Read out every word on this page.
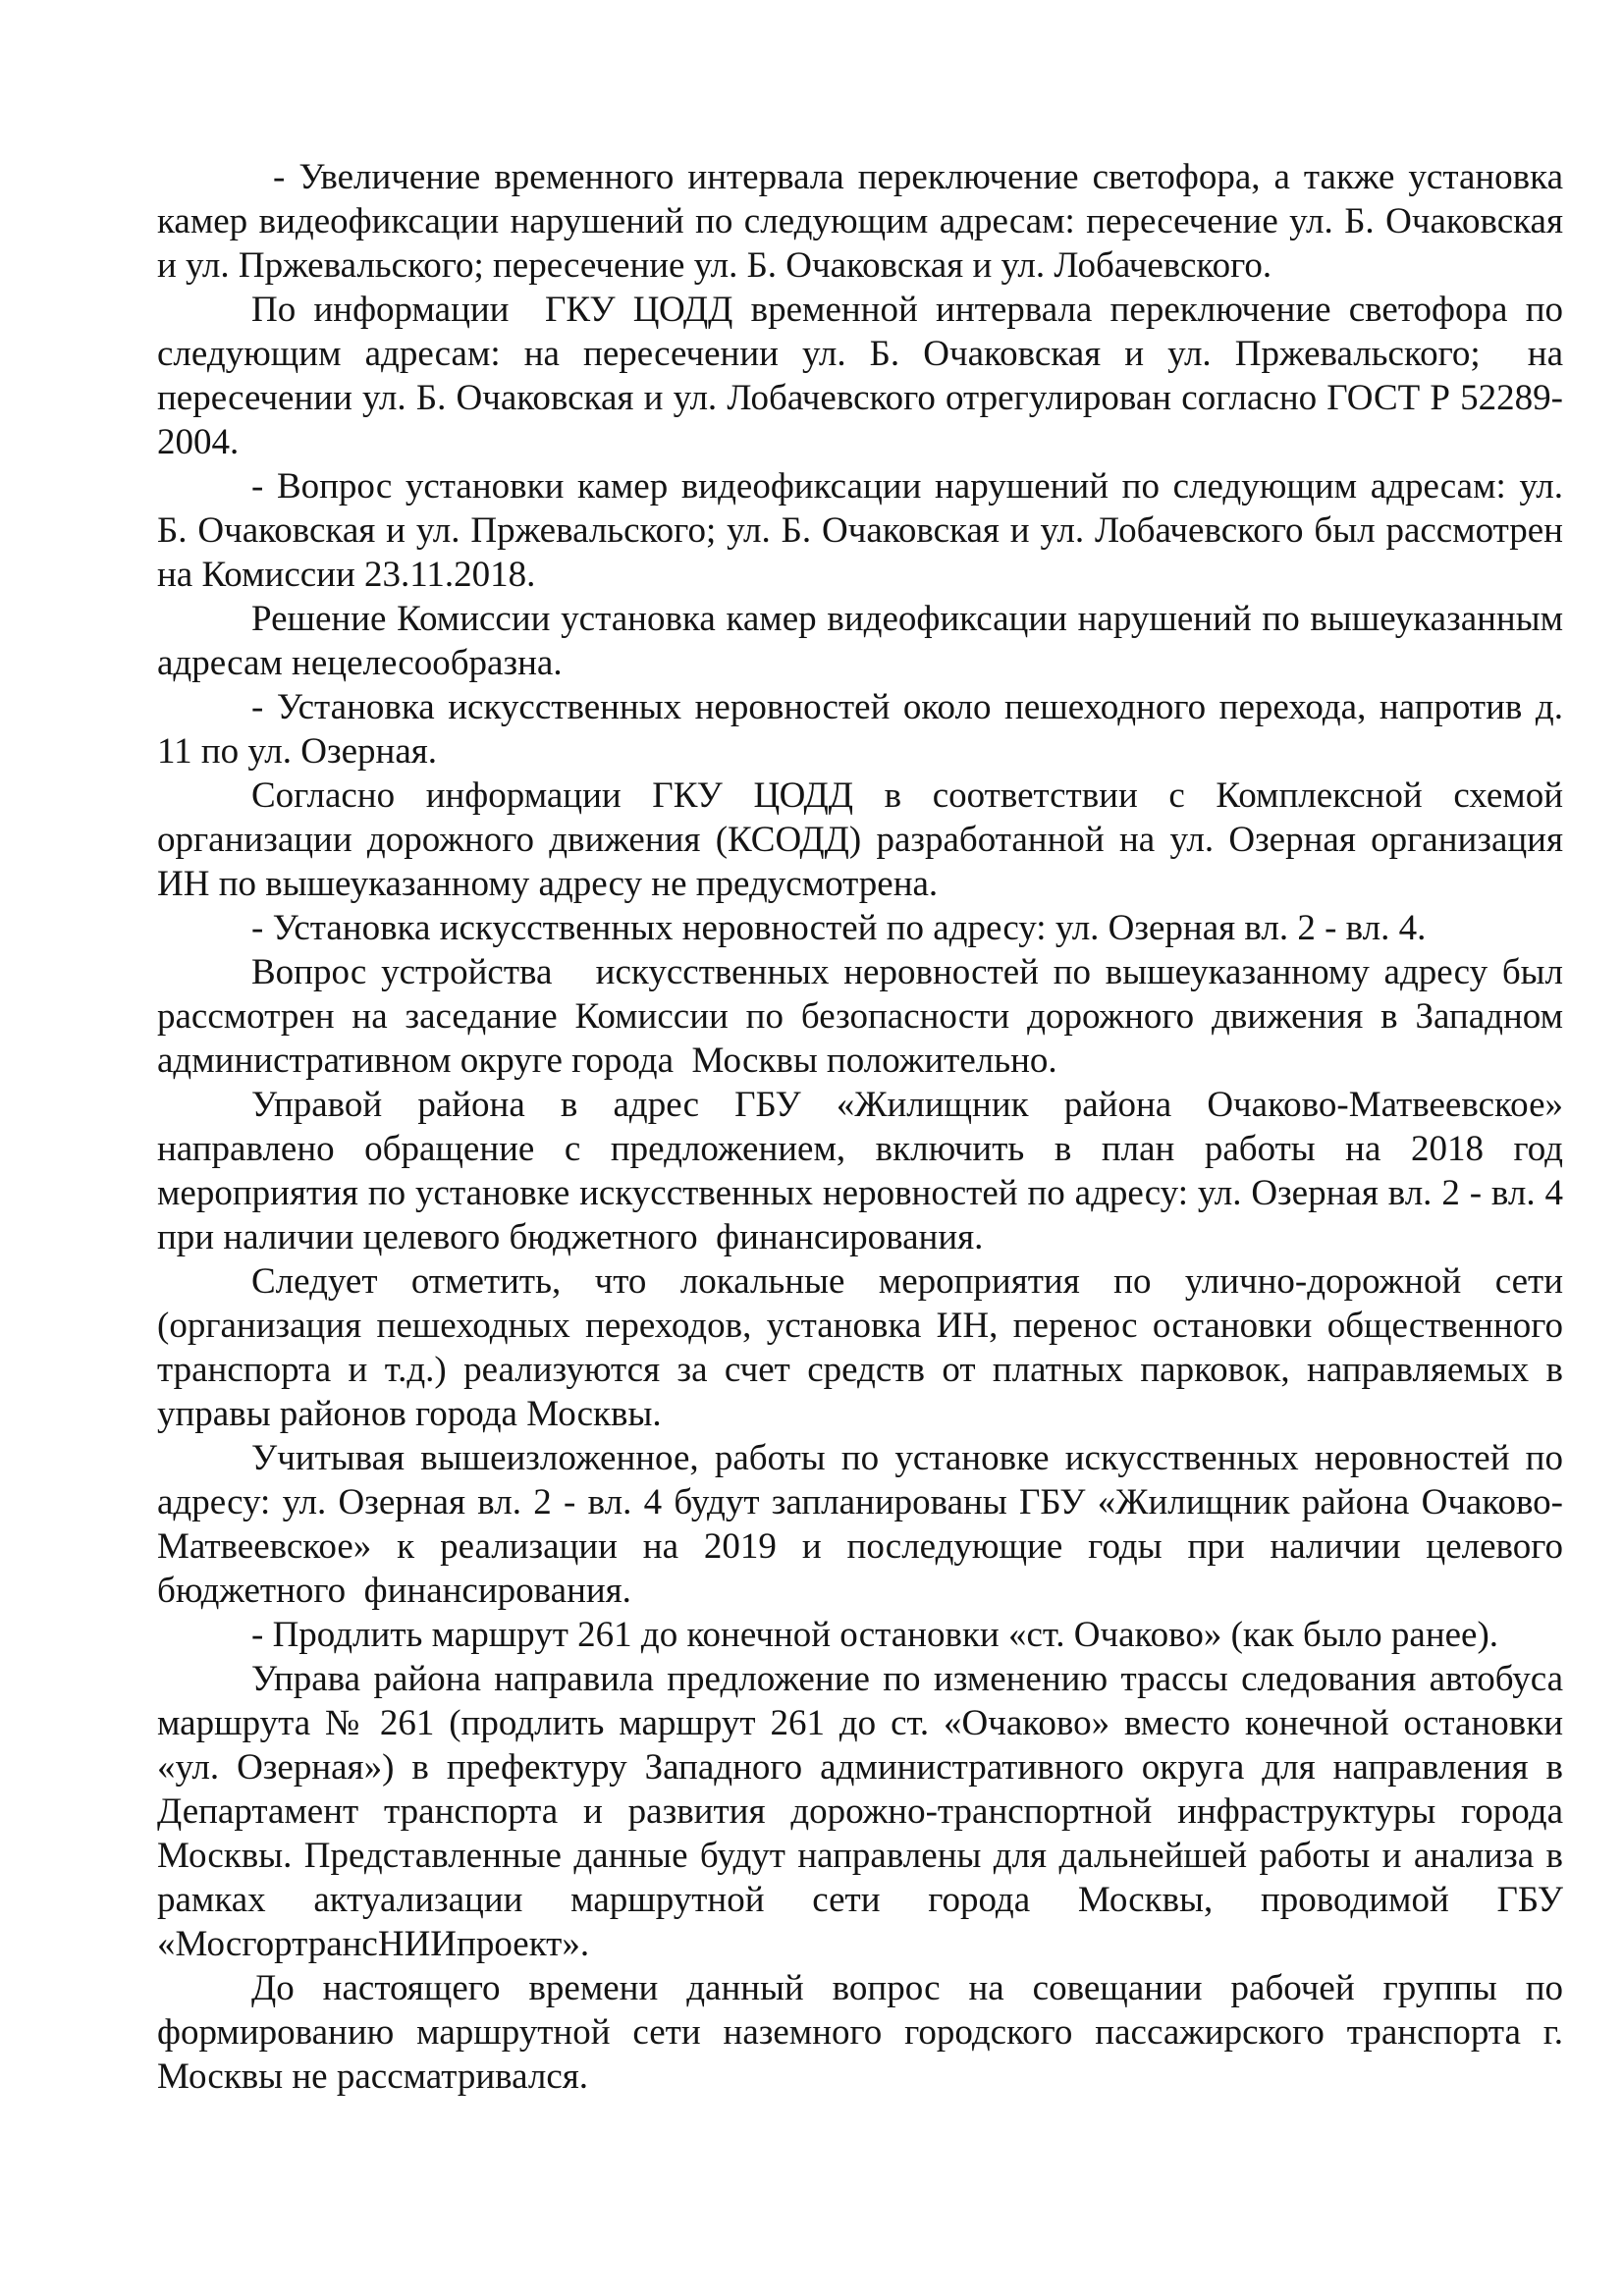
- Увеличение временного интервала переключение светофора, а также установка камер видеофиксации нарушений по следующим адресам: пересечение ул. Б. Очаковская и ул. Пржевальского; пересечение ул. Б. Очаковская и ул. Лобачевского.

По информации  ГКУ ЦОДД временной интервала переключение светофора по следующим адресам: на пересечении ул. Б. Очаковская и ул. Пржевальского;  на пересечении ул. Б. Очаковская и ул. Лобачевского отрегулирован согласно ГОСТ Р 52289-2004.

- Вопрос установки камер видеофиксации нарушений по следующим адресам: ул. Б. Очаковская и ул. Пржевальского; ул. Б. Очаковская и ул. Лобачевского был рассмотрен на Комиссии 23.11.2018.

Решение Комиссии установка камер видеофиксации нарушений по вышеуказанным адресам нецелесообразна.

- Установка искусственных неровностей около пешеходного перехода, напротив д. 11 по ул. Озерная.

Согласно информации ГКУ ЦОДД в соответствии с Комплексной схемой организации дорожного движения (КСОДД) разработанной на ул. Озерная организация ИН по вышеуказанному адресу не предусмотрена.

- Установка искусственных неровностей по адресу: ул. Озерная вл. 2 - вл. 4.

Вопрос устройства   искусственных неровностей по вышеуказанному адресу был рассмотрен на заседание Комиссии по безопасности дорожного движения в Западном административном округе города  Москвы положительно.

Управой района в адрес ГБУ «Жилищник района Очаково-Матвеевское» направлено обращение с предложением, включить в план работы на 2018 год мероприятия по установке искусственных неровностей по адресу: ул. Озерная вл. 2 - вл. 4 при наличии целевого бюджетного  финансирования.

Следует отметить, что локальные мероприятия по улично-дорожной сети (организация пешеходных переходов, установка ИН, перенос остановки общественного транспорта и т.д.) реализуются за счет средств от платных парковок, направляемых в управы районов города Москвы.

Учитывая вышеизложенное, работы по установке искусственных неровностей по адресу: ул. Озерная вл. 2 - вл. 4 будут запланированы ГБУ «Жилищник района Очаково-Матвеевское» к реализации на 2019 и последующие годы при наличии целевого бюджетного  финансирования.

- Продлить маршрут 261 до конечной остановки «ст. Очаково» (как было ранее).

Управа района направила предложение по изменению трассы следования автобуса маршрута № 261 (продлить маршрут 261 до ст. «Очаково» вместо конечной остановки «ул. Озерная») в префектуру Западного административного округа для направления в Департамент транспорта и развития дорожно-транспортной инфраструктуры города Москвы. Представленные данные будут направлены для дальнейшей работы и анализа в рамках актуализации маршрутной сети города Москвы, проводимой ГБУ «МосгортрансНИИпроект».

До настоящего времени данный вопрос на совещании рабочей группы по формированию маршрутной сети наземного городского пассажирского транспорта г. Москвы не рассматривался.
